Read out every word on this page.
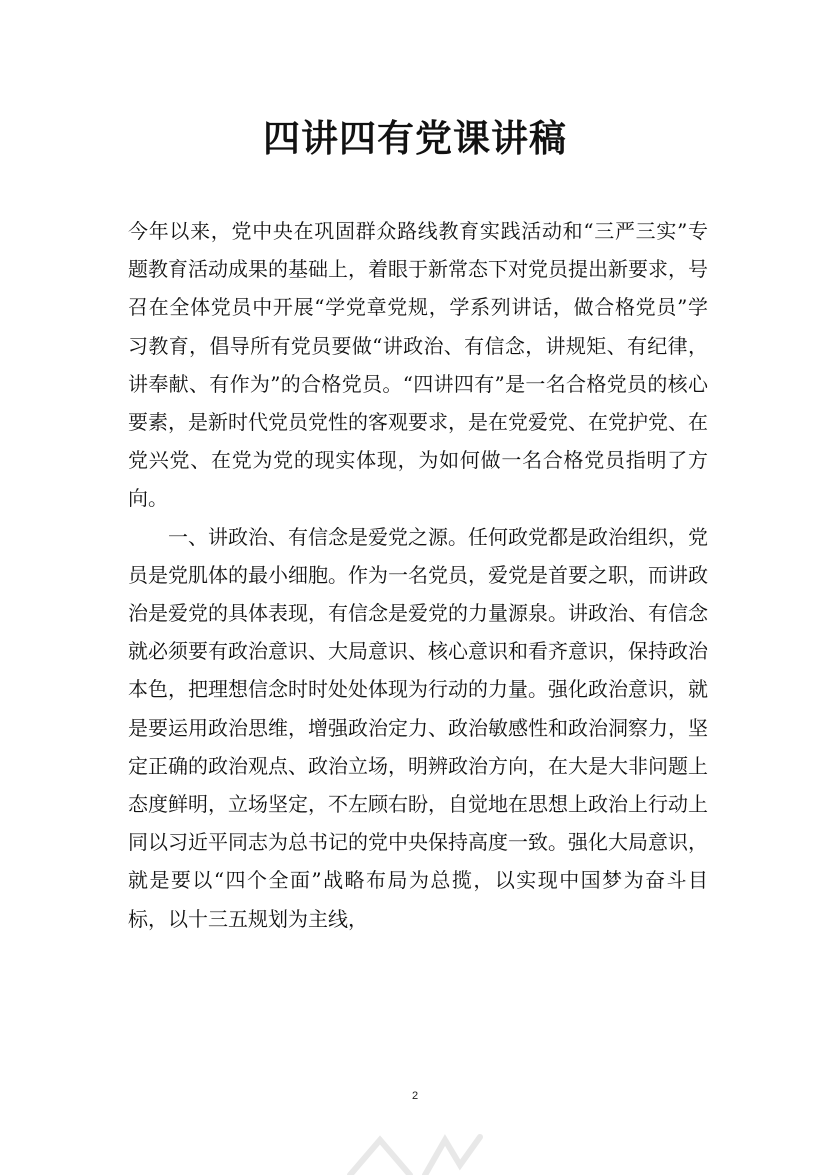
四讲四有党课讲稿

今年以来，党中央在巩固群众路线教育实践活动和“三严三实”专题教育活动成果的基础上，着眼于新常态下对党员提出新要求，号召在全体党员中开展“学党章党规，学系列讲话，做合格党员”学习教育，倡导所有党员要做“讲政治、有信念，讲规矩、有纪律，讲奉献、有作为”的合格党员。“四讲四有”是一名合格党员的核心要素，是新时代党员党性的客观要求，是在党爱党、在党护党、在党兴党、在党为党的现实体现，为如何做一名合格党员指明了方向。

一、讲政治、有信念是爱党之源。任何政党都是政治组织，党员是党肌体的最小细胞。作为一名党员，爱党是首要之职，而讲政治是爱党的具体表现，有信念是爱党的力量源泉。讲政治、有信念就必须要有政治意识、大局意识、核心意识和看齐意识，保持政治本色，把理想信念时时处处体现为行动的力量。强化政治意识，就是要运用政治思维，增强政治定力、政治敏感性和政治洞察力，坚定正确的政治观点、政治立场，明辨政治方向，在大是大非问题上态度鲜明，立场坚定，不左顾右盼，自觉地在思想上政治上行动上同以习近平同志为总书记的党中央保持高度一致。强化大局意识，就是要以“四个全面”战略布局为总揽，以实现中国梦为奋斗目标，以十三五规划为主线，

2
